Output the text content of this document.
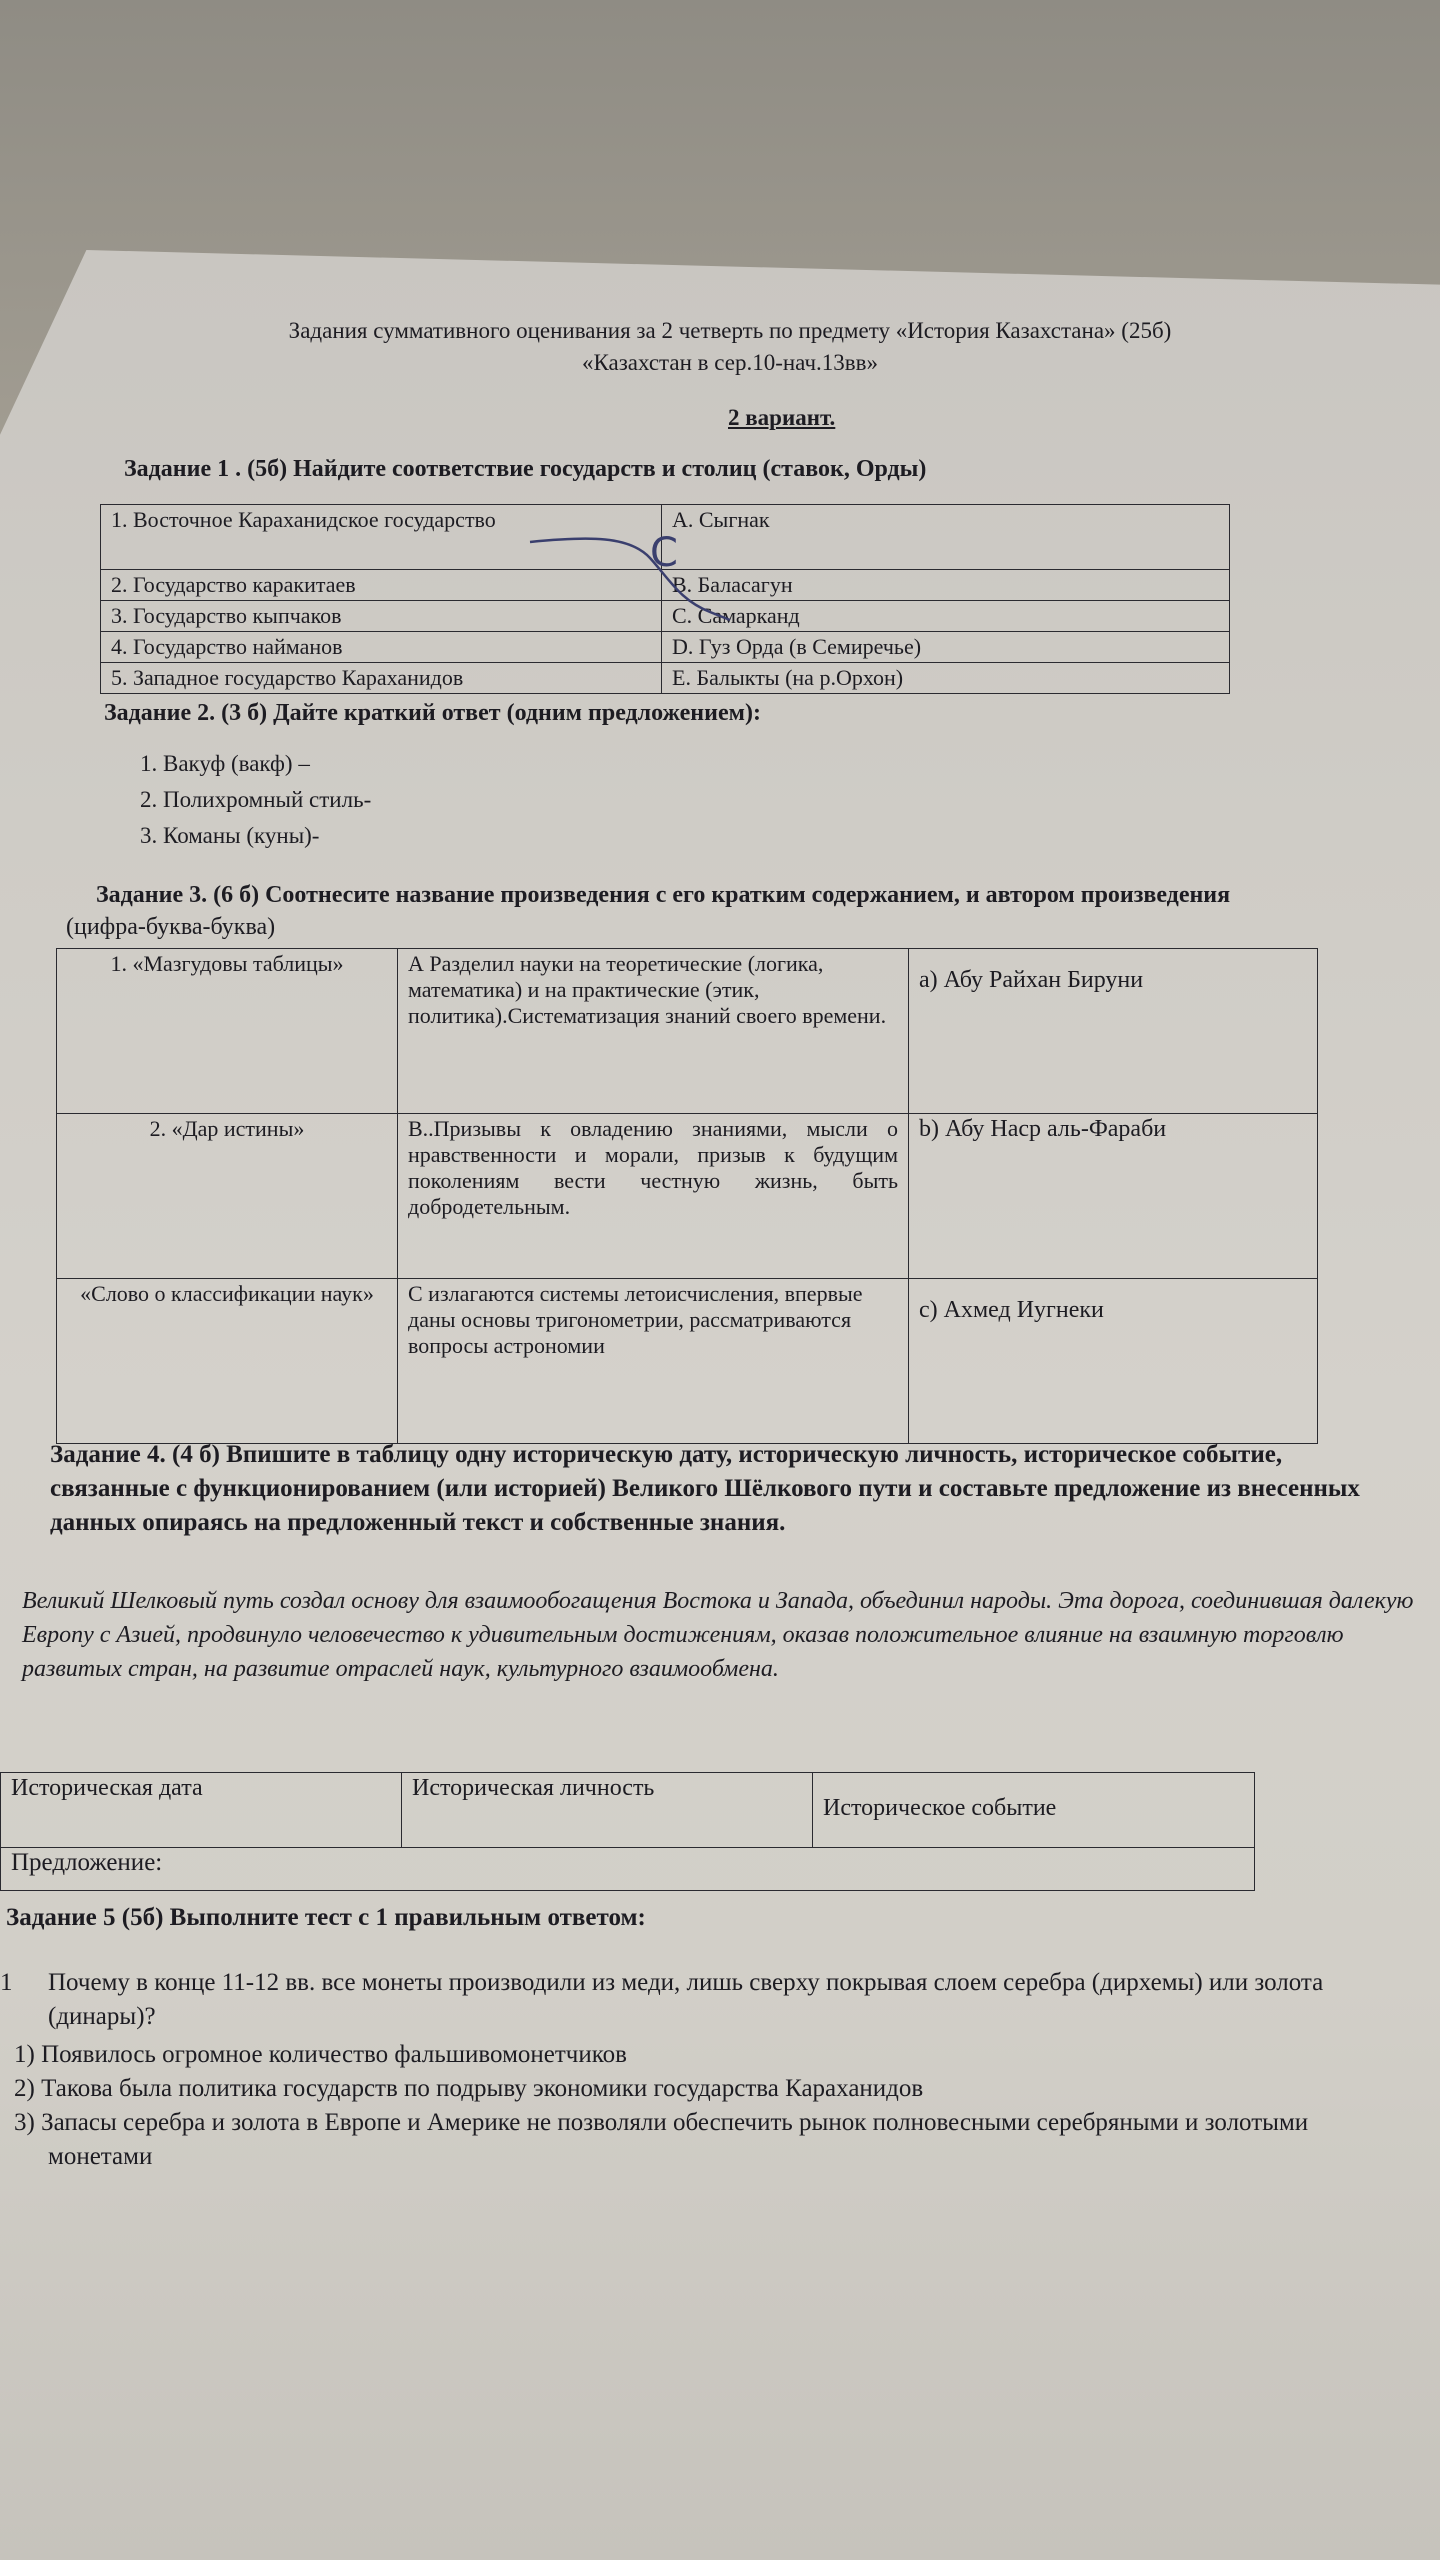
Задания суммативного оценивания за 2 четверть по предмету «История Казахстана» (25б)
«Казахстан в сер.10-нач.13вв»
2 вариант.
Задание 1 . (5б) Найдите соответствие государств и столиц (ставок, Орды)
1. Восточное Караханидское государство	A. Сыгнак
2. Государство каракитаев	B. Баласагун
3. Государство кыпчаков	C. Самарканд
4. Государство найманов	D. Гуз Орда (в Семиречье)
5. Западное государство Караханидов	E. Балыкты (на р.Орхон)
C
Задание 2. (3 б) Дайте краткий ответ (одним предложением):
1. Вакуф (вакф) –
2. Полихромный стиль-
3. Команы (куны)-
Задание 3. (6 б) Соотнесите название произведения с его кратким содержанием, и автором произведения
(цифра-буква-буква)
1. «Мазгудовы таблицы»	А Разделил науки на теоретические (логика, математика) и на практические (этик, политика).Систематизация знаний своего времени.	a) Абу Райхан Бируни
2. «Дар истины»	В..Призывы к овладению знаниями, мысли о нравственности и морали, призыв к будущим поколениям вести честную жизнь, быть добродетельным.	b) Абу Наср аль-Фараби
«Слово о классификации наук»	С излагаются системы летоисчисления, впервые даны основы тригонометрии, рассматриваются вопросы астрономии	c) Ахмед Иугнеки
Задание 4. (4 б) Впишите в таблицу одну историческую дату, историческую личность, историческое событие, связанные с функционированием (или историей) Великого Шёлкового пути и составьте предложение из внесенных данных опираясь на предложенный текст и собственные знания.
Великий Шелковый путь создал основу для взаимообогащения Востока и Запада, объединил народы. Эта дорога, соединившая далекую Европу с Азией, продвинуло человечество к удивительным достижениям, оказав положительное влияние на взаимную торговлю развитых стран, на развитие отраслей наук, культурного взаимообмена.
Историческая дата	Историческая личность	Историческое событие
Предложение:
Задание 5 (5б) Выполните тест с 1 правильным ответом:
1 Почему в конце 11-12 вв. все монеты производили из меди, лишь сверху покрывая слоем серебра (дирхемы) или золота (динары)?
1) Появилось огромное количество фальшивомонетчиков
2) Такова была политика государств по подрыву экономики государства Караханидов
3) Запасы серебра и золота в Европе и Америке не позволяли обеспечить рынок полновесными серебряными и золотыми монетами
